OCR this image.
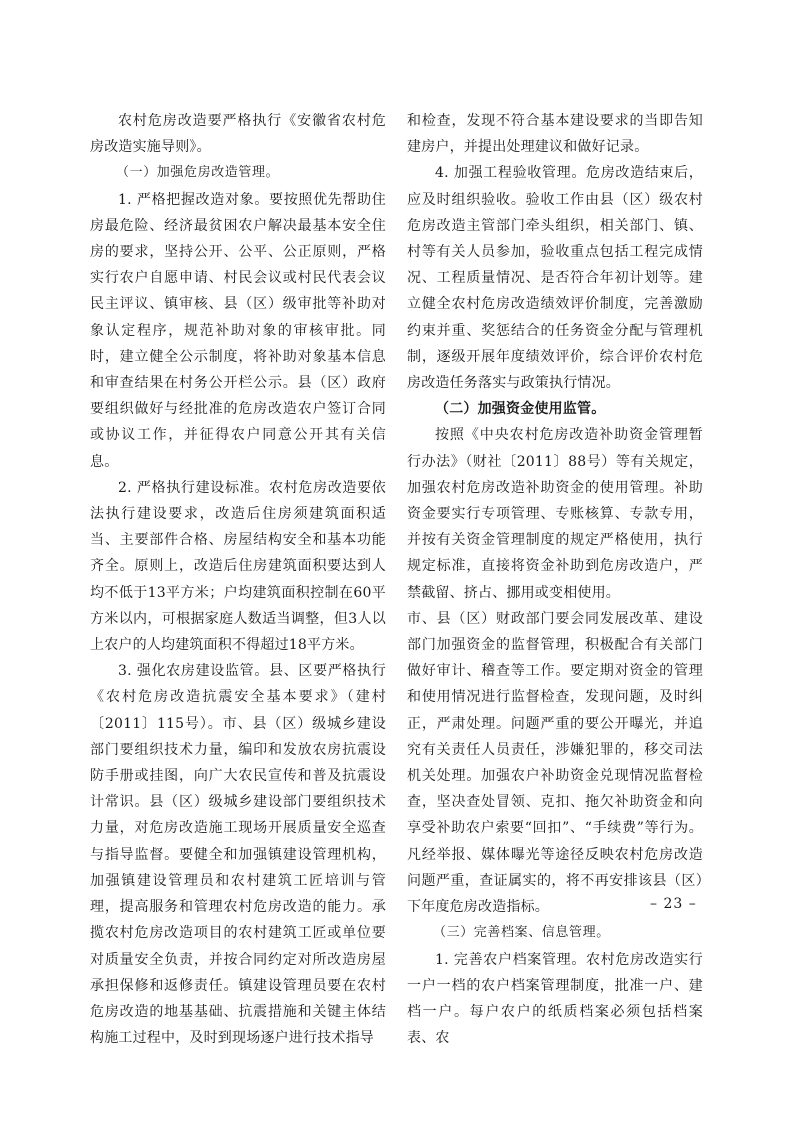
农村危房改造要严格执行《安徽省农村危房改造实施导则》。

（一）加强危房改造管理。

1. 严格把握改造对象。要按照优先帮助住房最危险、经济最贫困农户解决最基本安全住房的要求，坚持公开、公平、公正原则，严格实行农户自愿申请、村民会议或村民代表会议民主评议、镇审核、县（区）级审批等补助对象认定程序，规范补助对象的审核审批。同时，建立健全公示制度，将补助对象基本信息和审查结果在村务公开栏公示。县（区）政府要组织做好与经批准的危房改造农户签订合同或协议工作，并征得农户同意公开其有关信息。

2. 严格执行建设标准。农村危房改造要依法执行建设要求，改造后住房须建筑面积适当、主要部件合格、房屋结构安全和基本功能齐全。原则上，改造后住房建筑面积要达到人均不低于13平方米；户均建筑面积控制在60平方米以内，可根据家庭人数适当调整，但3人以上农户的人均建筑面积不得超过18平方米。

3. 强化农房建设监管。县、区要严格执行《农村危房改造抗震安全基本要求》（建村〔2011〕115号）。市、县（区）级城乡建设部门要组织技术力量，编印和发放农房抗震设防手册或挂图，向广大农民宣传和普及抗震设计常识。县（区）级城乡建设部门要组织技术力量，对危房改造施工现场开展质量安全巡查与指导监督。要健全和加强镇建设管理机构，加强镇建设管理员和农村建筑工匠培训与管理，提高服务和管理农村危房改造的能力。承揽农村危房改造项目的农村建筑工匠或单位要对质量安全负责，并按合同约定对所改造房屋承担保修和返修责任。镇建设管理员要在农村危房改造的地基基础、抗震措施和关键主体结构施工过程中，及时到现场逐户进行技术指导

和检查，发现不符合基本建设要求的当即告知建房户，并提出处理建议和做好记录。

4. 加强工程验收管理。危房改造结束后，应及时组织验收。验收工作由县（区）级农村危房改造主管部门牵头组织，相关部门、镇、村等有关人员参加，验收重点包括工程完成情况、工程质量情况、是否符合年初计划等。建立健全农村危房改造绩效评价制度，完善激励约束并重、奖惩结合的任务资金分配与管理机制，逐级开展年度绩效评价，综合评价农村危房改造任务落实与政策执行情况。

（二）加强资金使用监管。

按照《中央农村危房改造补助资金管理暂行办法》（财社〔2011〕88号）等有关规定，加强农村危房改造补助资金的使用管理。补助资金要实行专项管理、专账核算、专款专用，并按有关资金管理制度的规定严格使用，执行规定标准，直接将资金补助到危房改造户，严禁截留、挤占、挪用或变相使用。

市、县（区）财政部门要会同发展改革、建设部门加强资金的监督管理，积极配合有关部门做好审计、稽查等工作。要定期对资金的管理和使用情况进行监督检查，发现问题，及时纠正，严肃处理。问题严重的要公开曝光，并追究有关责任人员责任，涉嫌犯罪的，移交司法机关处理。加强农户补助资金兑现情况监督检查，坚决查处冒领、克扣、拖欠补助资金和向享受补助农户索要“回扣”、“手续费”等行为。凡经举报、媒体曝光等途径反映农村危房改造问题严重，查证属实的，将不再安排该县（区）下年度危房改造指标。

（三）完善档案、信息管理。

1. 完善农户档案管理。农村危房改造实行一户一档的农户档案管理制度，批准一户、建档一户。每户农户的纸质档案必须包括档案表、农

– 23 –
